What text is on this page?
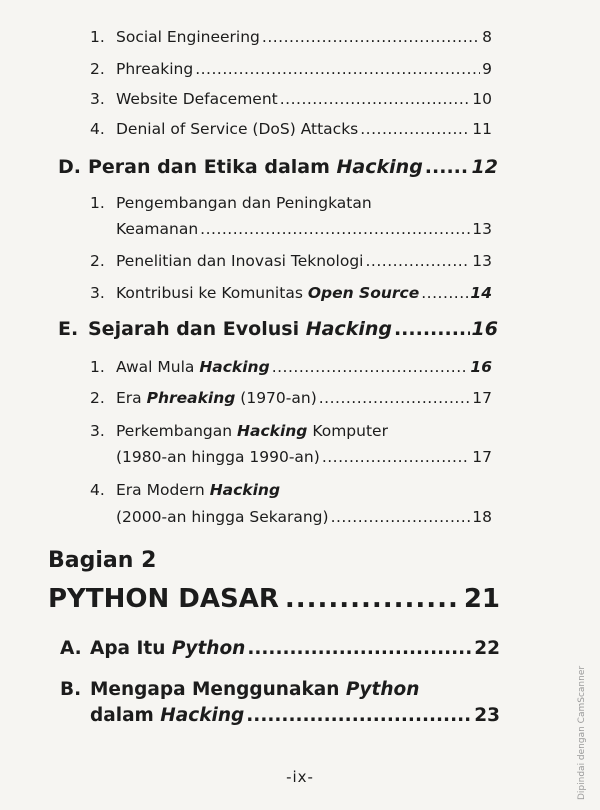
1. Social Engineering .....	8
2. Phreaking .....	9
3. Website Defacement .....	10
4. Denial of Service (DoS) Attacks .....	11
D. Peran dan Etika dalam Hacking .....	12
1. Pengembangan dan Peningkatan
Keamanan .....	13
2. Penelitian dan Inovasi Teknologi .....	13
3. Kontribusi ke Komunitas Open Source .....	14
E. Sejarah dan Evolusi Hacking .....	16
1. Awal Mula Hacking .....	16
2. Era Phreaking (1970-an) .....	17
3. Perkembangan Hacking Komputer
(1980-an hingga 1990-an) .....	17
4. Era Modern Hacking
(2000-an hingga Sekarang) .....	18
Bagian 2
PYTHON DASAR .....	21
A. Apa Itu Python .....	22
B. Mengapa Menggunakan Python
dalam Hacking .....	23
-ix-	Dipindai dengan CamScanner
